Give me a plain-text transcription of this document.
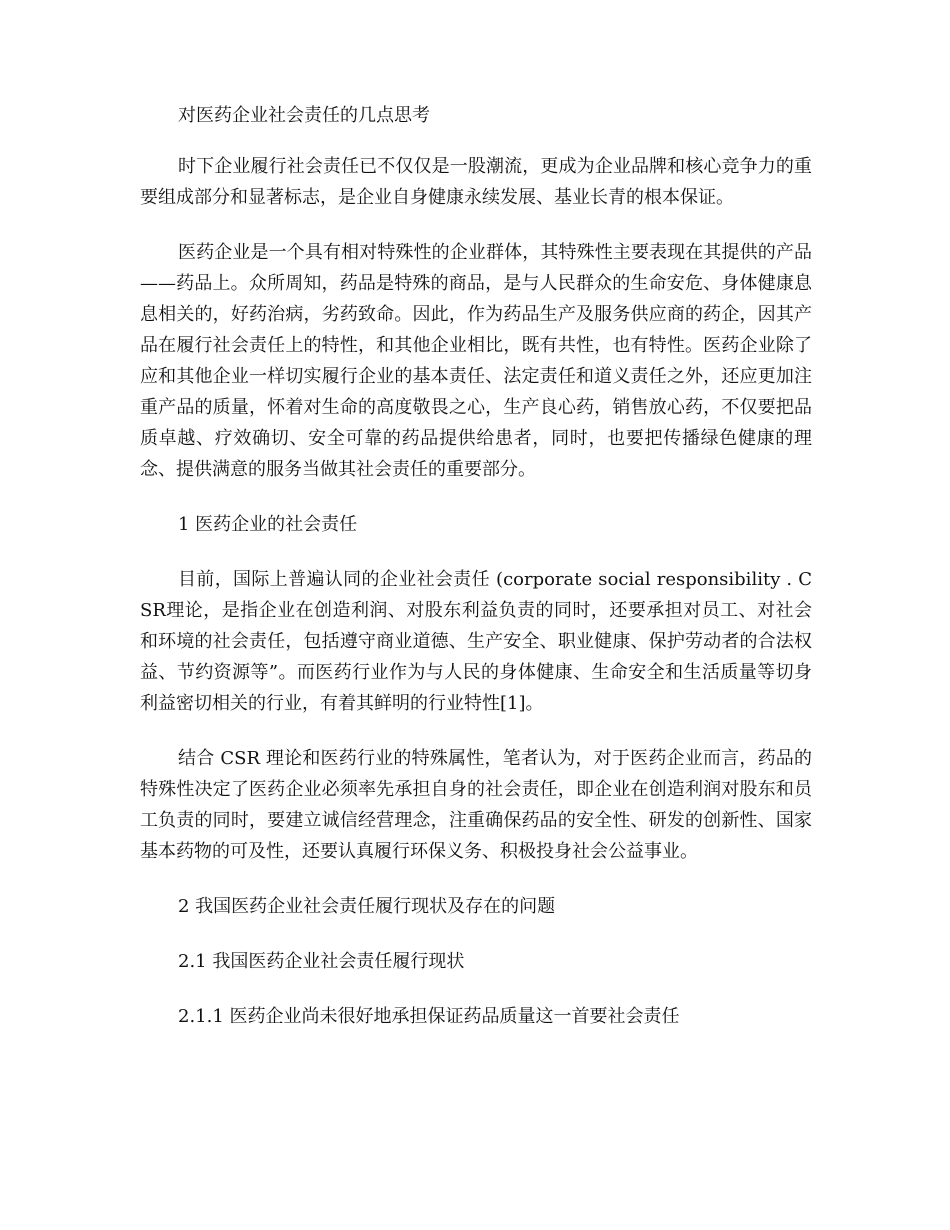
对医药企业社会责任的几点思考

时下企业履行社会责任已不仅仅是一股潮流，更成为企业品牌和核心竞争力的重要组成部分和显著标志，是企业自身健康永续发展、基业长青的根本保证。

医药企业是一个具有相对特殊性的企业群体，其特殊性主要表现在其提供的产品——药品上。众所周知，药品是特殊的商品，是与人民群众的生命安危、身体健康息息相关的，好药治病，劣药致命。因此，作为药品生产及服务供应商的药企，因其产品在履行社会责任上的特性，和其他企业相比，既有共性，也有特性。医药企业除了应和其他企业一样切实履行企业的基本责任、法定责任和道义责任之外，还应更加注重产品的质量，怀着对生命的高度敬畏之心，生产良心药，销售放心药，不仅要把品质卓越、疗效确切、安全可靠的药品提供给患者，同时，也要把传播绿色健康的理念、提供满意的服务当做其社会责任的重要部分。

1 医药企业的社会责任

目前，国际上普遍认同的企业社会责任 (corporate social responsibility . CSR理论，是指企业在创造利润、对股东利益负责的同时，还要承担对员工、对社会和环境的社会责任，包括遵守商业道德、生产安全、职业健康、保护劳动者的合法权益、节约资源等”。而医药行业作为与人民的身体健康、生命安全和生活质量等切身利益密切相关的行业，有着其鲜明的行业特性[1]。

结合 CSR 理论和医药行业的特殊属性，笔者认为，对于医药企业而言，药品的特殊性决定了医药企业必须率先承担自身的社会责任，即企业在创造利润对股东和员工负责的同时，要建立诚信经营理念，注重确保药品的安全性、研发的创新性、国家基本药物的可及性，还要认真履行环保义务、积极投身社会公益事业。

2 我国医药企业社会责任履行现状及存在的问题

2.1 我国医药企业社会责任履行现状

2.1.1 医药企业尚未很好地承担保证药品质量这一首要社会责任
